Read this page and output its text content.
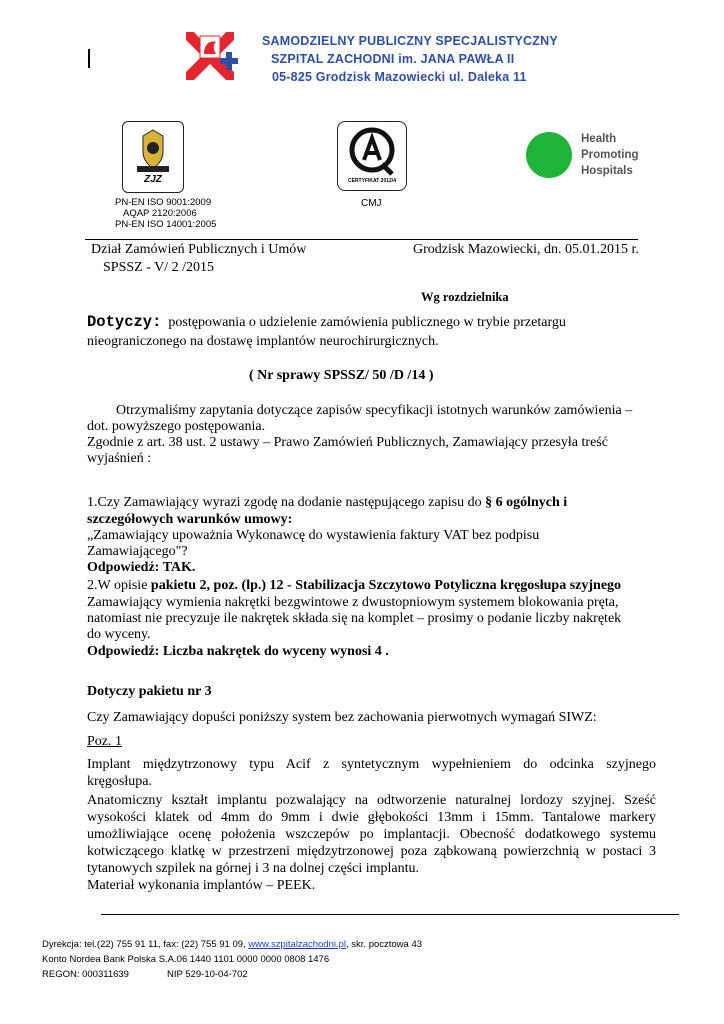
SAMODZIELNY PUBLICZNY SPECJALISTYCZNY
SZPITAL ZACHODNI im. JANA PAWŁA II
05-825 Grodzisk Mazowiecki ul. Daleka 11
ZJZ
PN-EN ISO 9001:2009
AQAP 2120:2006
PN-EN ISO 14001:2005
CERTYFIKAT 2012/4
CMJ
Health
Promoting
Hospitals
Dział Zamówień Publicznych i Umów	Grodzisk Mazowiecki, dn. 05.01.2015 r.
SPSSZ - V/ 2 /2015
Wg rozdzielnika
Dotyczy: postępowania o udzielenie zamówienia publicznego w trybie przetargu
nieograniczonego na dostawę implantów neurochirurgicznych.
( Nr sprawy SPSSZ/ 50 /D /14 )
Otrzymaliśmy zapytania dotyczące zapisów specyfikacji istotnych warunków zamówienia –
dot. powyższego postępowania.
Zgodnie z art. 38 ust. 2 ustawy – Prawo Zamówień Publicznych, Zamawiający przesyła treść
wyjaśnień :
1.Czy Zamawiający wyrazi zgodę na dodanie następującego zapisu do § 6 ogólnych i
szczegółowych warunków umowy:
„Zamawiający upoważnia Wykonawcę do wystawienia faktury VAT bez podpisu
Zamawiającego"?
Odpowiedź: TAK.
2.W opisie pakietu 2, poz. (lp.) 12 - Stabilizacja Szczytowo Potyliczna kręgosłupa szyjnego
Zamawiający wymienia nakrętki bezgwintowe z dwustopniowym systemem blokowania pręta,
natomiast nie precyzuje ile nakrętek składa się na komplet – prosimy o podanie liczby nakrętek
do wyceny.
Odpowiedź: Liczba nakrętek do wyceny wynosi 4 .
Dotyczy pakietu nr 3
Czy Zamawiający dopuści poniższy system bez zachowania pierwotnych wymagań SIWZ:
Poz. 1
Implant międzytrzonowy typu Acif z syntetycznym wypełnieniem do odcinka szyjnego
kręgosłupa.
Anatomiczny kształt implantu pozwalający na odtworzenie naturalnej lordozy szyjnej. Sześć
wysokości klatek od 4mm do 9mm i dwie głębokości 13mm i 15mm. Tantalowe markery
umożliwiające ocenę położenia wszczepów po implantacji. Obecność dodatkowego systemu
kotwiczącego klatkę w przestrzeni międzytrzonowej poza ząbkowaną powierzchnią w postaci 3
tytanowych szpilek na górnej i 3 na dolnej części implantu.
Materiał wykonania implantów – PEEK.
Dyrekcja: tel.(22) 755 91 11, fax: (22) 755 91 09, www.szpitalzachodni.pl, skr. pocztowa 43
Konto Nordea Bank Polska S.A.06 1440 1101 0000 0000 0808 1476
REGON: 000311639	NIP 529-10-04-702
